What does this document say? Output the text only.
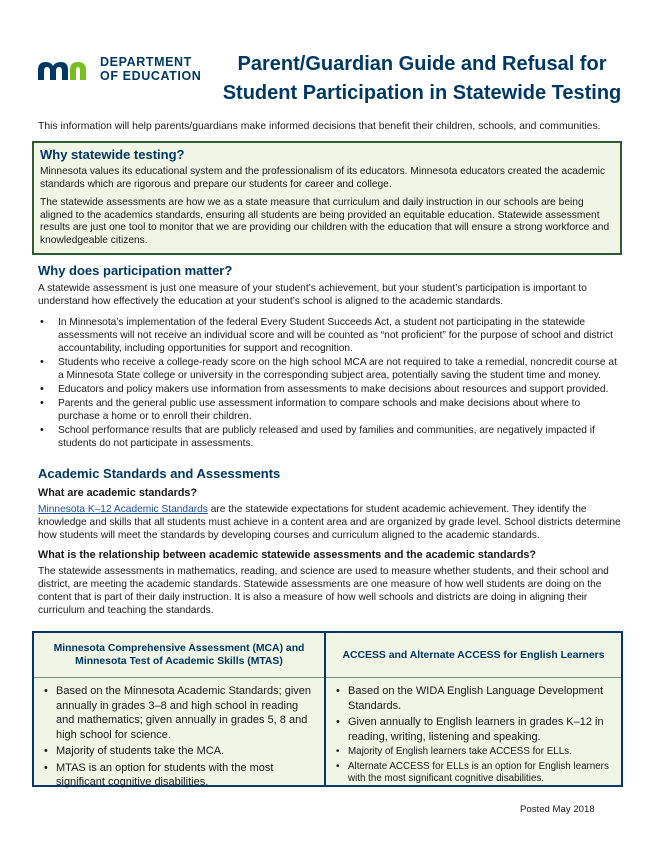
DEPARTMENT
OF EDUCATION
Parent/Guardian Guide and Refusal for
Student Participation in Statewide Testing
This information will help parents/guardians make informed decisions that benefit their children, schools, and communities.
Why statewide testing?

Minnesota values its educational system and the professionalism of its educators. Minnesota educators created the academic standards which are rigorous and prepare our students for career and college.

The statewide assessments are how we as a state measure that curriculum and daily instruction in our schools are being aligned to the academics standards, ensuring all students are being provided an equitable education. Statewide assessment results are just one tool to monitor that we are providing our children with the education that will ensure a strong workforce and knowledgeable citizens.

Why does participation matter?

A statewide assessment is just one measure of your student’s achievement, but your student’s participation is important to understand how effectively the education at your student’s school is aligned to the academic standards.

• In Minnesota’s implementation of the federal Every Student Succeeds Act, a student not participating in the statewide assessments will not receive an individual score and will be counted as “not proficient” for the purpose of school and district accountability, including opportunities for support and recognition.
• Students who receive a college-ready score on the high school MCA are not required to take a remedial, noncredit course at a Minnesota State college or university in the corresponding subject area, potentially saving the student time and money.
• Educators and policy makers use information from assessments to make decisions about resources and support provided.
• Parents and the general public use assessment information to compare schools and make decisions about where to purchase a home or to enroll their children.
• School performance results that are publicly released and used by families and communities, are negatively impacted if students do not participate in assessments.
Academic Standards and Assessments
What are academic standards?

Minnesota K–12 Academic Standards are the statewide expectations for student academic achievement. They identify the knowledge and skills that all students must achieve in a content area and are organized by grade level. School districts determine how students will meet the standards by developing courses and curriculum aligned to the academic standards.

What is the relationship between academic statewide assessments and the academic standards?

The statewide assessments in mathematics, reading, and science are used to measure whether students, and their school and district, are meeting the academic standards. Statewide assessments are one measure of how well students are doing on the content that is part of their daily instruction. It is also a measure of how well schools and districts are doing in aligning their curriculum and teaching the standards.

Minnesota Comprehensive Assessment (MCA) and Minnesota Test of Academic Skills (MTAS)
• Based on the Minnesota Academic Standards; given annually in grades 3–8 and high school in reading and mathematics; given annually in grades 5, 8 and high school for science.
• Majority of students take the MCA.
• MTAS is an option for students with the most significant cognitive disabilities.
ACCESS and Alternate ACCESS for English Learners
• Based on the WIDA English Language Development Standards.
• Given annually to English learners in grades K–12 in reading, writing, listening and speaking.
• Majority of English learners take ACCESS for ELLs.
• Alternate ACCESS for ELLs is an option for English learners with the most significant cognitive disabilities.
Posted May 2018
